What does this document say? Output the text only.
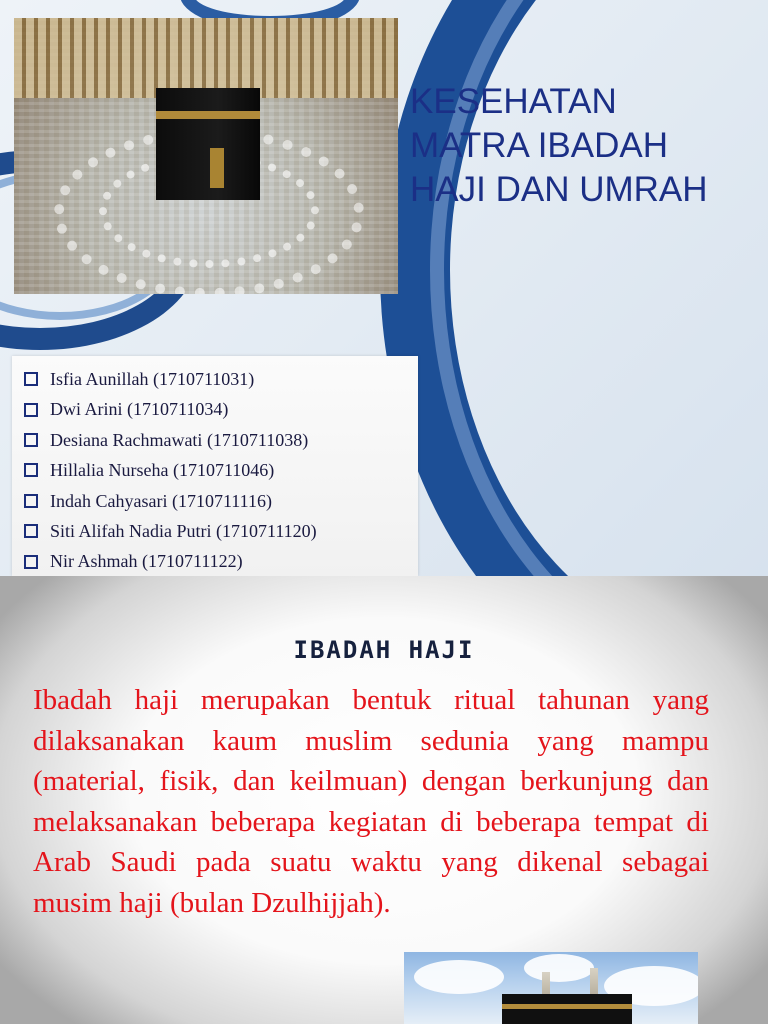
KESEHATAN
MATRA IBADAH
HAJI DAN UMRAH
Isfia Aunillah (1710711031)
Dwi Arini (1710711034)
Desiana Rachmawati (1710711038)
Hillalia Nurseha (1710711046)
Indah Cahyasari (1710711116)
Siti Alifah Nadia Putri (1710711120)
Nir Ashmah (1710711122)
IBADAH HAJI

Ibadah haji merupakan bentuk ritual tahunan yang dilaksanakan kaum muslim sedunia yang mampu (material, fisik, dan keilmuan) dengan berkunjung dan melaksanakan beberapa kegiatan di beberapa tempat di Arab Saudi pada suatu waktu yang dikenal sebagai musim haji (bulan Dzulhijjah).
